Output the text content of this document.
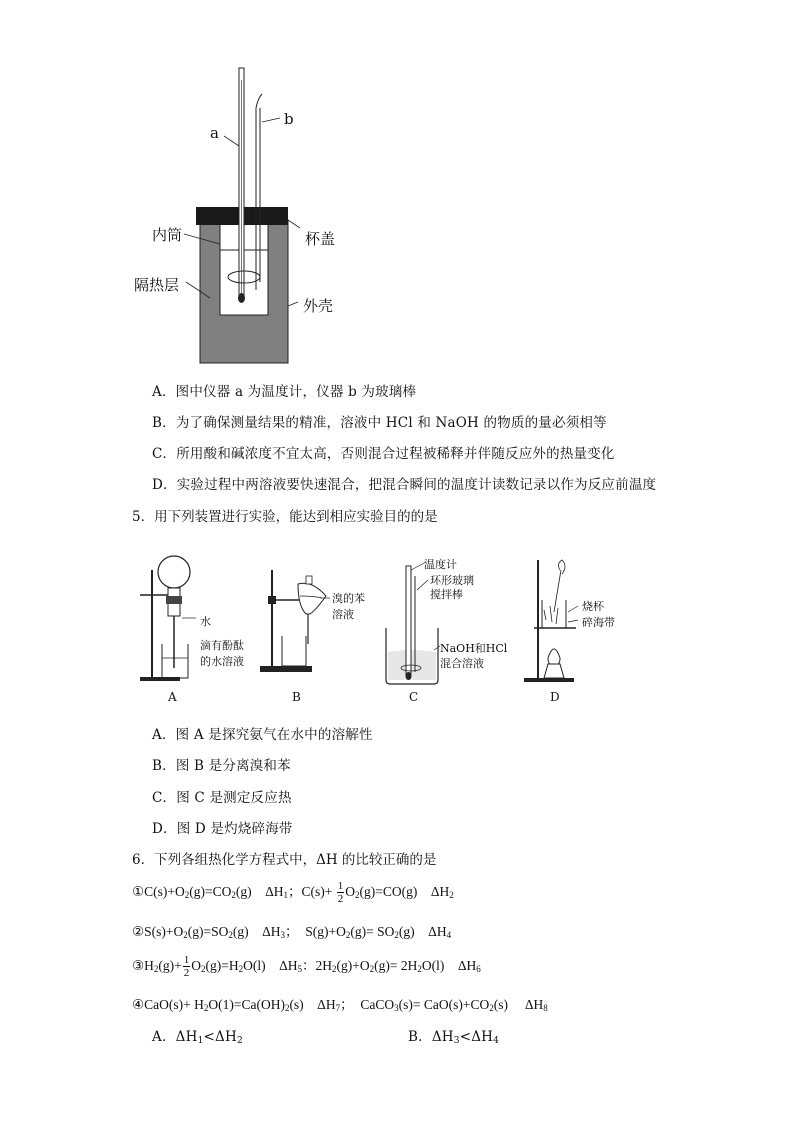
a
b
内筒	杯盖
隔热层
外壳
A．图中仪器 a 为温度计，仪器 b 为玻璃棒
B．为了确保测量结果的精准，溶液中 HCl 和 NaOH 的物质的量必须相等
C．所用酸和碱浓度不宜太高，否则混合过程被稀释并伴随反应外的热量变化
D．实验过程中两溶液要快速混合，把混合瞬间的温度计读数记录以作为反应前温度
5．用下列装置进行实验，能达到相应实验目的的是
水
滴有酚酞
的水溶液
溴的苯
溶液
温度计
环形玻璃
搅拌棒
NaOH和HCl
混合溶液
烧杯
碎海带
A	B	C	D
A．图 A 是探究氨气在水中的溶解性
B．图 B 是分离溴和苯
C．图 C 是测定反应热
D．图 D 是灼烧碎海带
6．下列各组热化学方程式中，ΔH 的比较正确的是
$①C(s)+O_2(g)=CO_2(g)$    $\Delta H_1$；$C(s)+ \frac{1}{2} O_2(g)=CO(g)$    $\Delta H_2$
$②S(s)+O_2(g)=SO_2(g)$    $\Delta H_3$；  $S(g)+O_2(g)= SO_2(g)$    $\Delta H_4$
$③H_2(g)+ \frac{1}{2} O_2(g)=H_2O(l)$    $\Delta H_5$：$2H_2(g)+O_2(g)= 2H_2O(l)$    $\Delta H_6$
④CaO(s)+ $H_2O(1)=Ca(OH)_2(s)$    $\Delta H_7$；  CaCO$_3$(s)= $CaO(s)+CO_2(s)$     $\Delta H_8$
A．$\Delta H_1<\Delta H_2$	B．$\Delta H_3<\Delta H_4$
